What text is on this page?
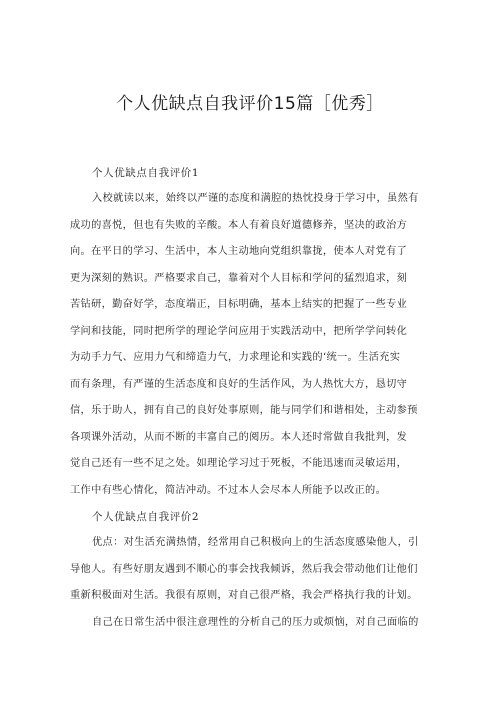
个人优缺点自我评价15篇［优秀］
个人优缺点自我评价1

入校就读以来，始终以严谨的态度和满腔的热忱投身于学习中，虽然有

成功的喜悦，但也有失败的辛酸。本人有着良好道德修养，坚决的政治方

向。在平日的学习、生活中，本人主动地向党组织靠拢，使本人对党有了

更为深刻的熟识。严格要求自己，靠着对个人目标和学问的猛烈追求，刻

苦钻研，勤奋好学，态度端正，目标明确，基本上结实的把握了一些专业

学问和技能，同时把所学的理论学问应用于实践活动中，把所学学问转化

为动手力气、应用力气和缔造力气，力求理论和实践的‘统一。生活充实

而有条理，有严谨的生活态度和良好的生活作风，为人热忱大方，恳切守

信，乐于助人，拥有自己的良好处事原则，能与同学们和谐相处，主动参预

各项课外活动，从而不断的丰富自己的阅历。本人还时常做自我批判，发

觉自己还有一些不足之处。如理论学习过于死板，不能迅速而灵敏运用，

工作中有些心情化，简洁冲动。不过本人会尽本人所能予以改正的。

个人优缺点自我评价2

优点：对生活充满热情，经常用自己积极向上的生活态度感染他人，引

导他人。有些好朋友遇到不顺心的事会找我倾诉，然后我会带动他们让他们

重新积极面对生活。我很有原则，对自己很严格，我会严格执行我的计划。

自己在日常生活中很注意理性的分析自己的压力或烦恼，对自己面临的
